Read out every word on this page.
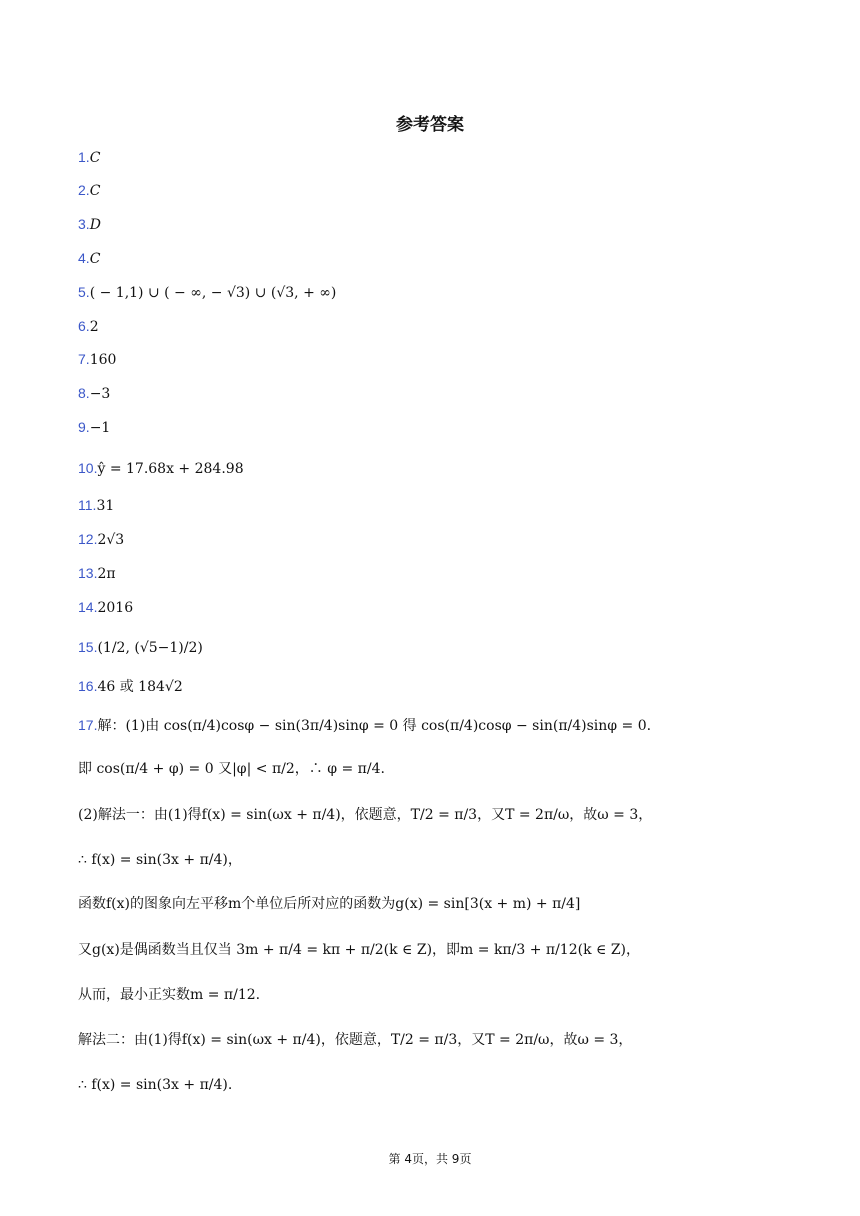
参考答案
1.C
2.C
3.D
4.C
5.( − 1,1) ∪ ( − ∞, − √3) ∪ (√3, + ∞)
6.2
7.160
8.−3
9.−1
10.ŷ = 17.68x + 284.98
11.31
12.2√3
13.2π
14.2016
15.(1/2, (√5−1)/2)
16.46 或 184√2
17.解：(1)由 cos(π/4)cosφ − sin(3π/4)sinφ = 0 得 cos(π/4)cosφ − sin(π/4)sinφ = 0.
即 cos(π/4 + φ) = 0 又|φ| < π/2，∴ φ = π/4.
(2)解法一：由(1)得f(x) = sin(ωx + π/4)，依题意，T/2 = π/3，又T = 2π/ω，故ω = 3，
∴ f(x) = sin(3x + π/4)，
函数f(x)的图象向左平移m个单位后所对应的函数为g(x) = sin[3(x + m) + π/4]
又g(x)是偶函数当且仅当 3m + π/4 = kπ + π/2(k ∈ Z)，即m = kπ/3 + π/12(k ∈ Z)，
从而，最小正实数m = π/12.
解法二：由(1)得f(x) = sin(ωx + π/4)，依题意，T/2 = π/3，又T = 2π/ω，故ω = 3，
∴ f(x) = sin(3x + π/4).
第 4页，共 9页
